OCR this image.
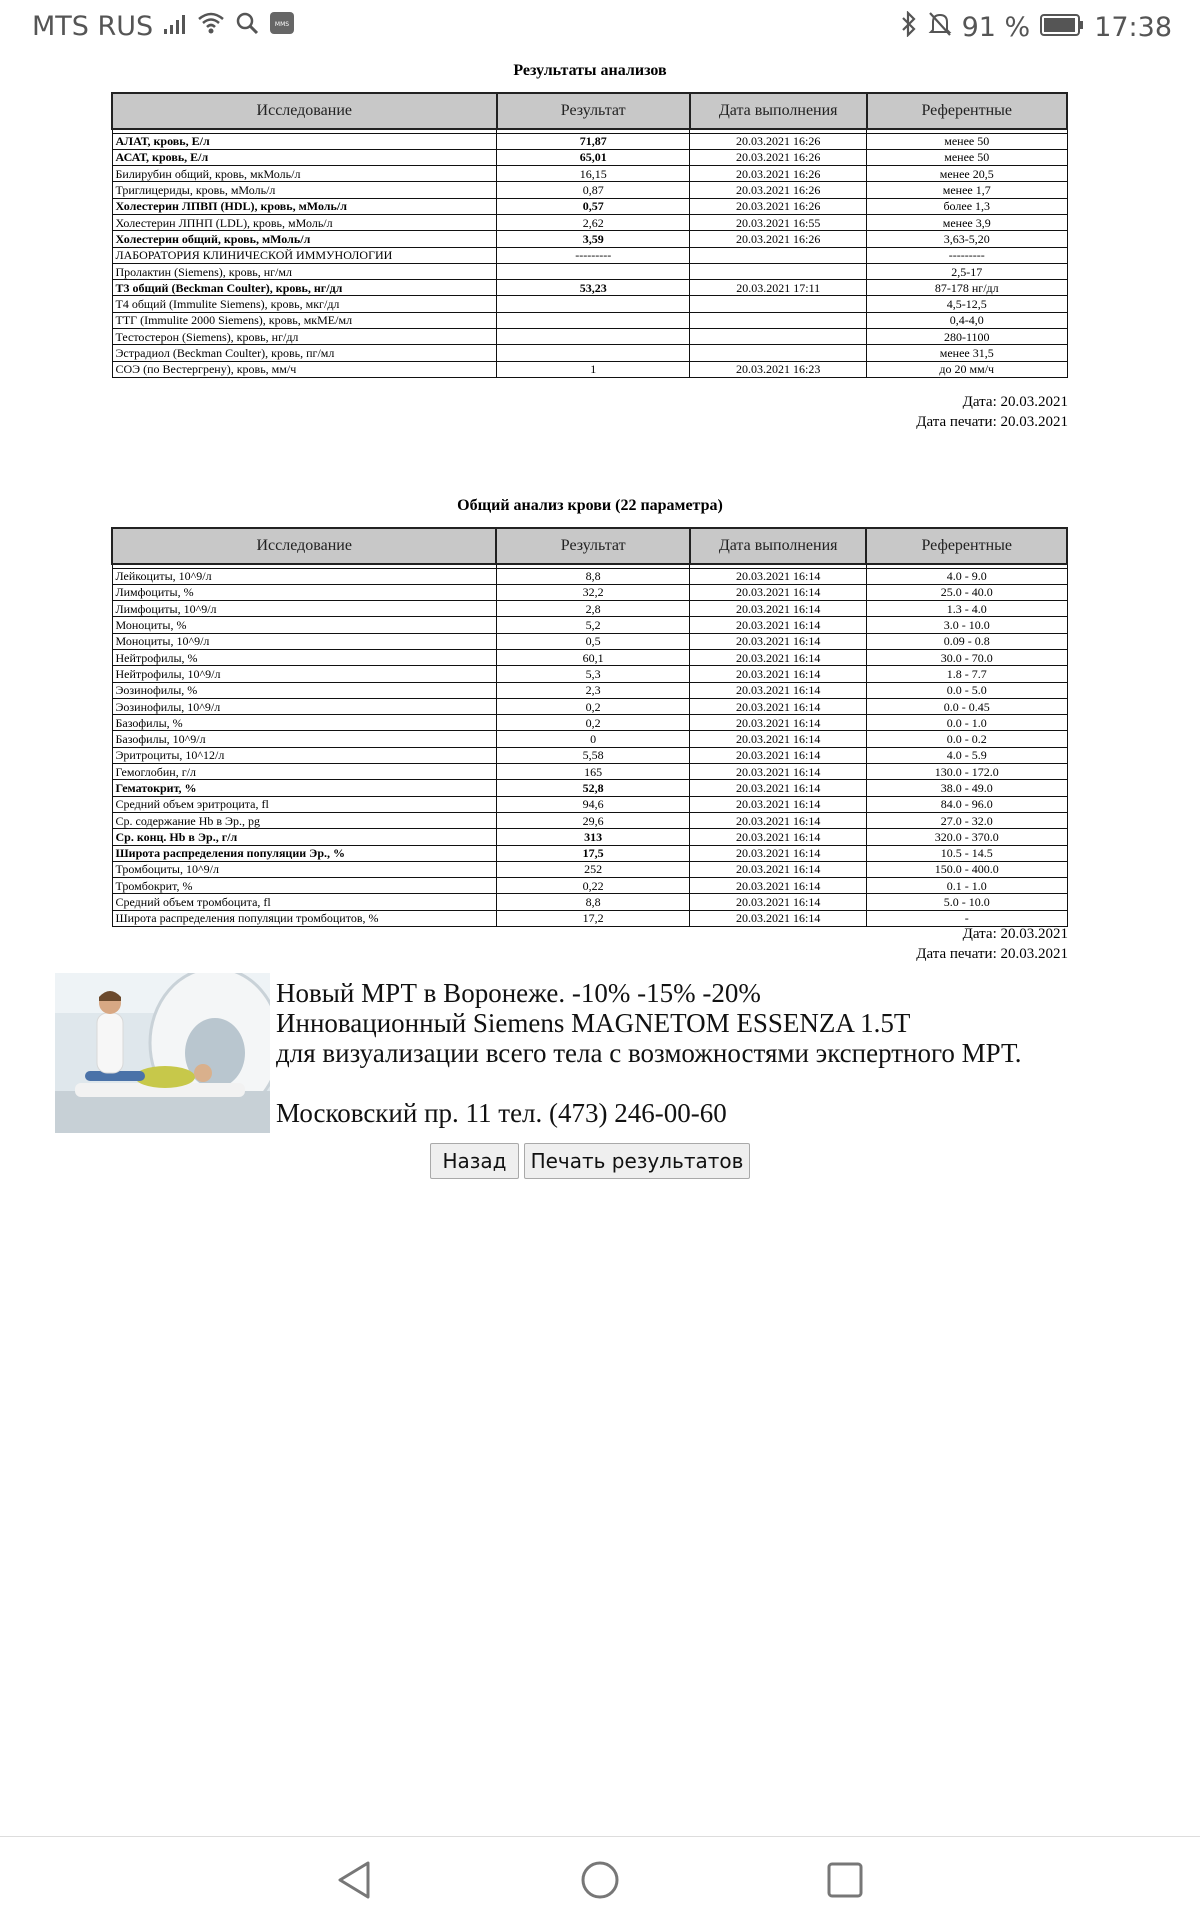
MTS RUS	MMS	91 % 17:38
Результаты анализов
Исследование	Результат	Дата выполнения	Референтные

АЛАТ, кровь, Е/л	71,87	20.03.2021 16:26	менее 50
АСАТ, кровь, Е/л	65,01	20.03.2021 16:26	менее 50
Билирубин общий, кровь, мкМоль/л	16,15	20.03.2021 16:26	менее 20,5
Триглицериды, кровь, мМоль/л	0,87	20.03.2021 16:26	менее 1,7
Холестерин ЛПВП (HDL), кровь, мМоль/л	0,57	20.03.2021 16:26	более 1,3
Холестерин ЛПНП (LDL), кровь, мМоль/л	2,62	20.03.2021 16:55	менее 3,9
Холестерин общий, кровь, мМоль/л	3,59	20.03.2021 16:26	3,63-5,20
ЛАБОРАТОРИЯ КЛИНИЧЕСКОЙ ИММУНОЛОГИИ	---------		---------
Пролактин (Siemens), кровь, нг/мл			2,5-17
Т3 общий (Beckman Coulter), кровь, нг/дл	53,23	20.03.2021 17:11	87-178 нг/дл
Т4 общий (Immulite Siemens), кровь, мкг/дл			4,5-12,5
ТТГ (Immulite 2000 Siemens), кровь, мкМЕ/мл			0,4-4,0
Тестостерон (Siemens), кровь, нг/дл			280-1100
Эстрадиол (Beckman Coulter), кровь, пг/мл			менее 31,5
СОЭ (по Вестергрену), кровь, мм/ч	1	20.03.2021 16:23	до 20 мм/ч
Дата: 20.03.2021
Дата печати: 20.03.2021
Общий анализ крови (22 параметра)
Исследование	Результат	Дата выполнения	Референтные

Лейкоциты, 10^9/л	8,8	20.03.2021 16:14	4.0 - 9.0
Лимфоциты, %	32,2	20.03.2021 16:14	25.0 - 40.0
Лимфоциты, 10^9/л	2,8	20.03.2021 16:14	1.3 - 4.0
Моноциты, %	5,2	20.03.2021 16:14	3.0 - 10.0
Моноциты, 10^9/л	0,5	20.03.2021 16:14	0.09 - 0.8
Нейтрофилы, %	60,1	20.03.2021 16:14	30.0 - 70.0
Нейтрофилы, 10^9/л	5,3	20.03.2021 16:14	1.8 - 7.7
Эозинофилы, %	2,3	20.03.2021 16:14	0.0 - 5.0
Эозинофилы, 10^9/л	0,2	20.03.2021 16:14	0.0 - 0.45
Базофилы, %	0,2	20.03.2021 16:14	0.0 - 1.0
Базофилы, 10^9/л	0	20.03.2021 16:14	0.0 - 0.2
Эритроциты, 10^12/л	5,58	20.03.2021 16:14	4.0 - 5.9
Гемоглобин, г/л	165	20.03.2021 16:14	130.0 - 172.0
Гематокрит, %	52,8	20.03.2021 16:14	38.0 - 49.0
Средний объем эритроцита, fl	94,6	20.03.2021 16:14	84.0 - 96.0
Ср. содержание Hb в Эр., pg	29,6	20.03.2021 16:14	27.0 - 32.0
Ср. конц. Hb в Эр., г/л	313	20.03.2021 16:14	320.0 - 370.0
Широта распределения популяции Эр., %	17,5	20.03.2021 16:14	10.5 - 14.5
Тромбоциты, 10^9/л	252	20.03.2021 16:14	150.0 - 400.0
Тромбокрит, %	0,22	20.03.2021 16:14	0.1 - 1.0
Средний объем тромбоцита, fl	8,8	20.03.2021 16:14	5.0 - 10.0
Широта распределения популяции тромбоцитов, %	17,2	20.03.2021 16:14	-
Дата: 20.03.2021
Дата печати: 20.03.2021
Новый МРТ в Воронеже. -10% -15% -20%
Инновационный Siemens MAGNETOM ESSENZA 1.5T
для визуализации всего тела с возможностями экспертного МРТ.
Московский пр. 11 тел. (473) 246-00-60
Назад	Печать результатов
